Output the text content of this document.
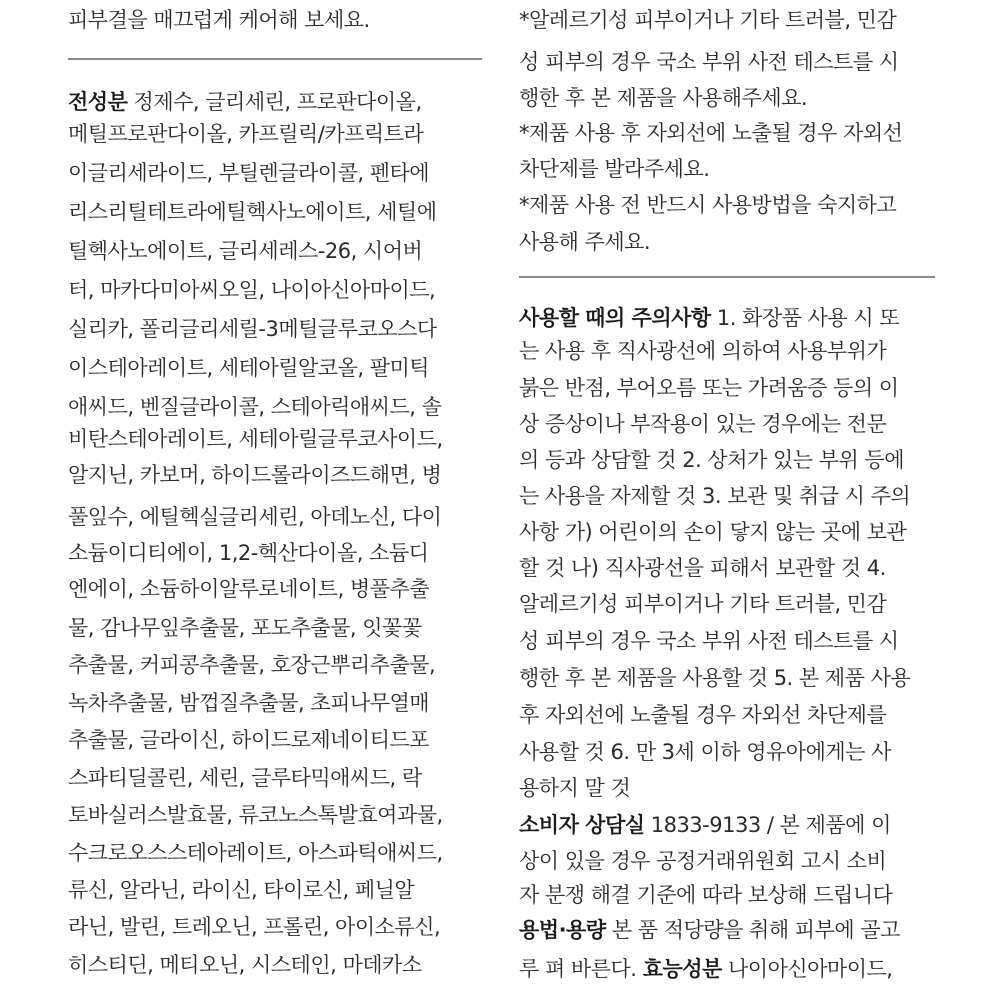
피부결을 매끄럽게 케어해 보세요.
전성분 정제수, 글리세린, 프로판다이올,
메틸프로판다이올, 카프릴릭/카프릭트라
이글리세라이드, 부틸렌글라이콜, 펜타에
리스리틸테트라에틸헥사노에이트, 세틸에
틸헥사노에이트, 글리세레스-26, 시어버
터, 마카다미아씨오일, 나이아신아마이드,
실리카, 폴리글리세릴-3메틸글루코오스다
이스테아레이트, 세테아릴알코올, 팔미틱
애씨드, 벤질글라이콜, 스테아릭애씨드, 솔
비탄스테아레이트, 세테아릴글루코사이드,
알지닌, 카보머, 하이드롤라이즈드해면, 병
풀잎수, 에틸헥실글리세린, 아데노신, 다이
소듐이디티에이, 1,2-헥산다이올, 소듐디
엔에이, 소듐하이알루로네이트, 병풀추출
물, 감나무잎추출물, 포도추출물, 잇꽃꽃
추출물, 커피콩추출물, 호장근뿌리추출물,
녹차추출물, 밤껍질추출물, 초피나무열매
추출물, 글라이신, 하이드로제네이티드포
스파티딜콜린, 세린, 글루타믹애씨드, 락
토바실러스발효물, 류코노스톡발효여과물,
수크로오스스테아레이트, 아스파틱애씨드,
류신, 알라닌, 라이신, 타이로신, 페닐알
라닌, 발린, 트레오닌, 프롤린, 아이소류신,
히스티딘, 메티오닌, 시스테인, 마데카소
*알레르기성 피부이거나 기타 트러블, 민감
성 피부의 경우 국소 부위 사전 테스트를 시
행한 후 본 제품을 사용해주세요.
*제품 사용 후 자외선에 노출될 경우 자외선
차단제를 발라주세요.
*제품 사용 전 반드시 사용방법을 숙지하고
사용해 주세요.
사용할 때의 주의사항 1. 화장품 사용 시 또
는 사용 후 직사광선에 의하여 사용부위가
붉은 반점, 부어오름 또는 가려움증 등의 이
상 증상이나 부작용이 있는 경우에는 전문
의 등과 상담할 것 2. 상처가 있는 부위 등에
는 사용을 자제할 것 3. 보관 및 취급 시 주의
사항 가) 어린이의 손이 닿지 않는 곳에 보관
할 것 나) 직사광선을 피해서 보관할 것 4.
알레르기성 피부이거나 기타 트러블, 민감
성 피부의 경우 국소 부위 사전 테스트를 시
행한 후 본 제품을 사용할 것 5. 본 제품 사용
후 자외선에 노출될 경우 자외선 차단제를
사용할 것 6. 만 3세 이하 영유아에게는 사
용하지 말 것
소비자 상담실 1833-9133 / 본 제품에 이
상이 있을 경우 공정거래위원회 고시 소비
자 분쟁 해결 기준에 따라 보상해 드립니다
용법·용량 본 품 적당량을 취해 피부에 골고
루 펴 바른다. 효능성분 나이아신아마이드,
